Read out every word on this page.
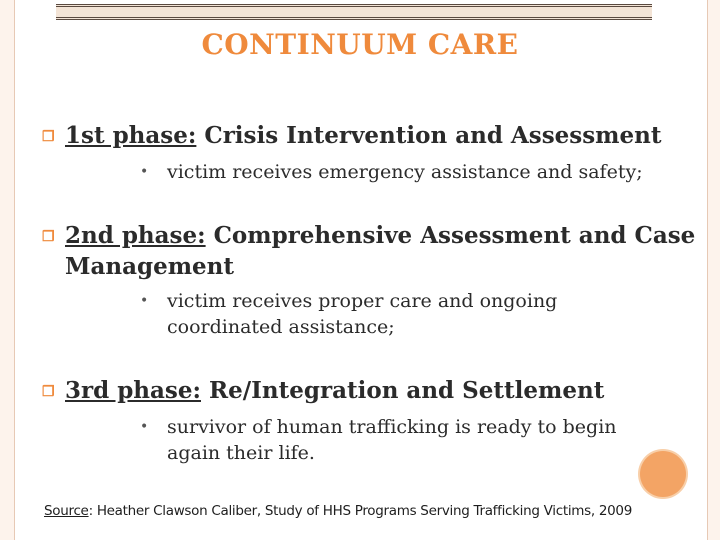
CONTINUUM CARE
❒ 1st phase: Crisis Intervention and Assessment
• victim receives emergency assistance and safety;
❒ 2nd phase: Comprehensive Assessment and Case Management
• victim receives proper care and ongoing coordinated assistance;
❒ 3rd phase: Re/Integration and Settlement
• survivor of human trafficking is ready to begin again their life.
Source: Heather Clawson Caliber, Study of HHS Programs Serving Trafficking Victims, 2009
